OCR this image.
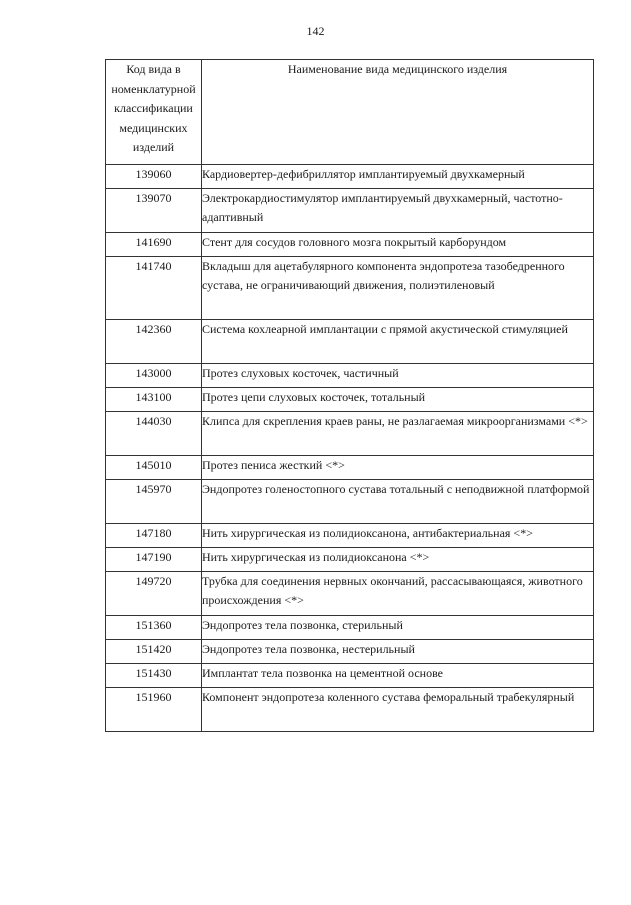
142
Код вида в номенклатурной классификации медицинских изделий	Наименование вида медицинского изделия
139060	Кардиовертер-дефибриллятор имплантируемый двухкамерный
139070	Электрокардиостимулятор имплантируемый двухкамерный, частотно-адаптивный
141690	Стент для сосудов головного мозга покрытый карборундом
141740	Вкладыш для ацетабулярного компонента эндопротеза тазобедренного сустава, не ограничивающий движения, полиэтиленовый
142360	Система кохлеарной имплантации с прямой акустической стимуляцией
143000	Протез слуховых косточек, частичный
143100	Протез цепи слуховых косточек, тотальный
144030	Клипса для скрепления краев раны, не разлагаемая микроорганизмами <*>
145010	Протез пениса жесткий <*>
145970	Эндопротез голеностопного сустава тотальный с неподвижной платформой
147180	Нить хирургическая из полидиоксанона, антибактериальная <*>
147190	Нить хирургическая из полидиоксанона <*>
149720	Трубка для соединения нервных окончаний, рассасывающаяся, животного происхождения <*>
151360	Эндопротез тела позвонка, стерильный
151420	Эндопротез тела позвонка, нестерильный
151430	Имплантат тела позвонка на цементной основе
151960	Компонент эндопротеза коленного сустава феморальный трабекулярный
